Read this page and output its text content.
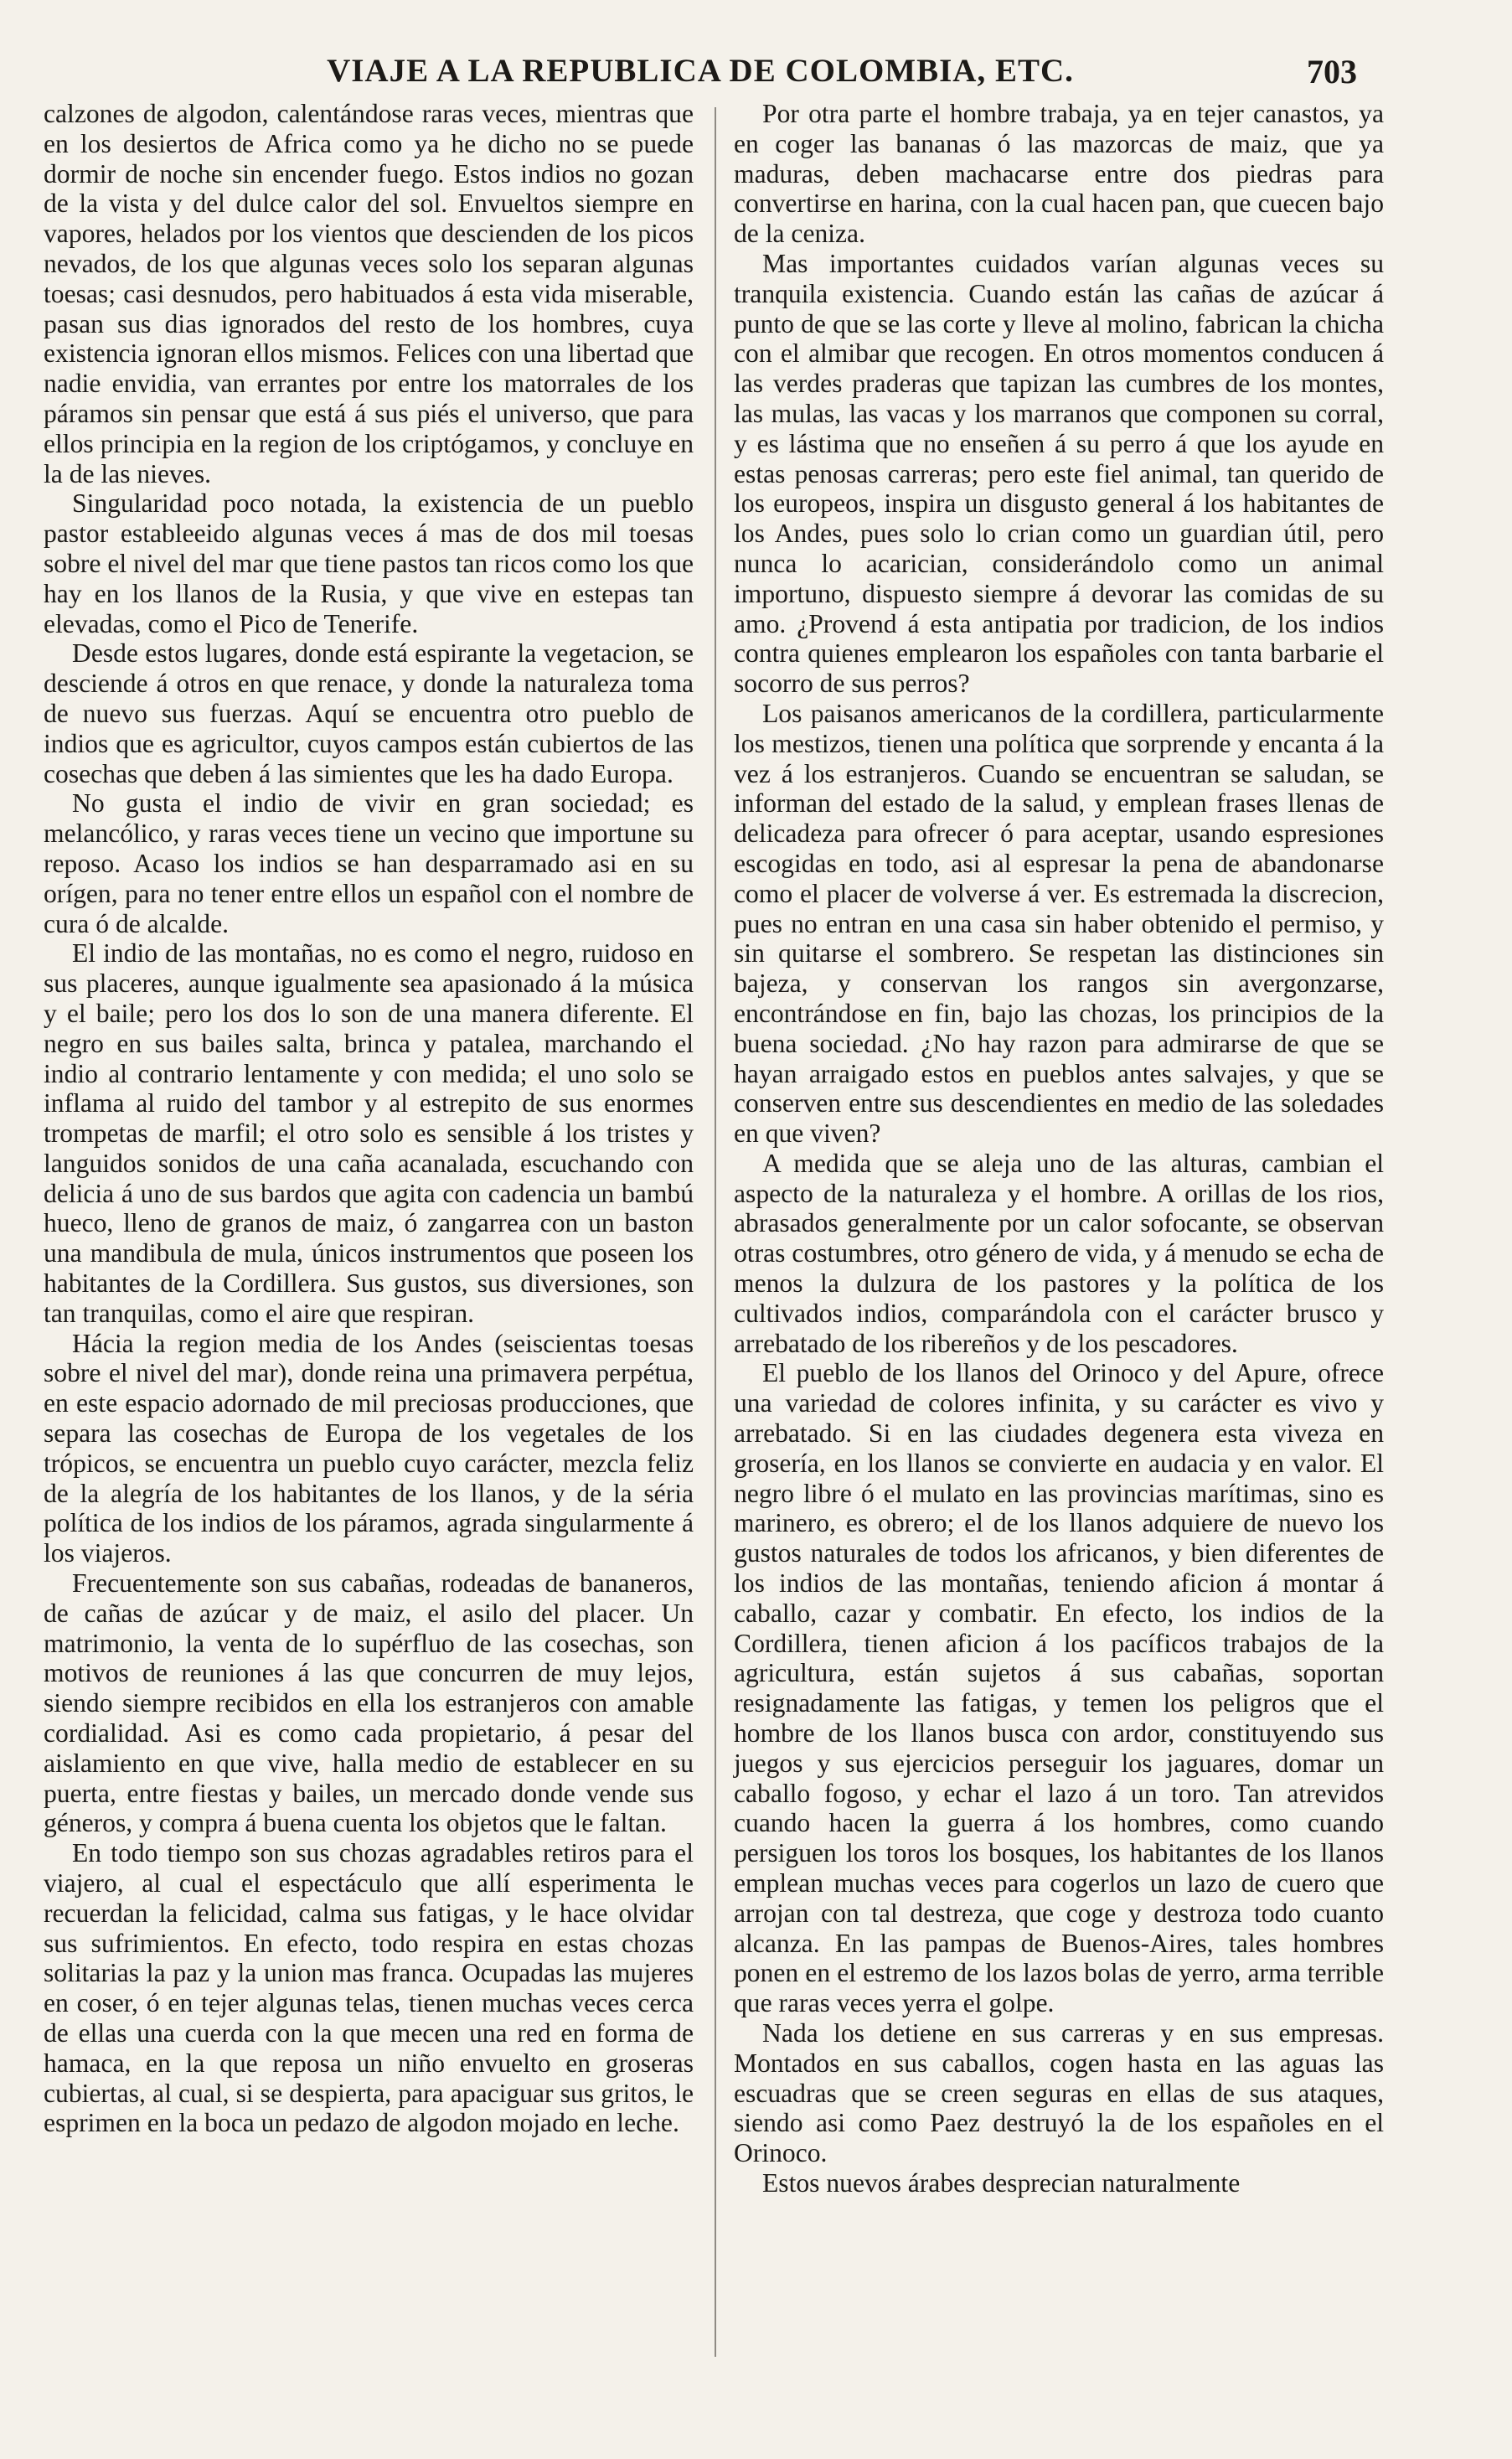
VIAJE A LA REPUBLICA DE COLOMBIA, ETC.	703

calzones de algodon, calentándose raras veces, mientras que en los desiertos de Africa como ya he dicho no se puede dormir de noche sin encender fuego. Estos indios no gozan de la vista y del dulce calor del sol. Envueltos siempre en vapores, helados por los vientos que descienden de los picos nevados, de los que algunas veces solo los separan algunas toesas; casi desnudos, pero habituados á esta vida miserable, pasan sus dias ignorados del resto de los hombres, cuya existencia ignoran ellos mismos. Felices con una libertad que nadie envidia, van errantes por entre los matorrales de los páramos sin pensar que está á sus piés el universo, que para ellos principia en la region de los criptógamos, y concluye en la de las nieves.

Singularidad poco notada, la existencia de un pueblo pastor estableeido algunas veces á mas de dos mil toesas sobre el nivel del mar que tiene pastos tan ricos como los que hay en los llanos de la Rusia, y que vive en estepas tan elevadas, como el Pico de Tenerife.

Desde estos lugares, donde está espirante la vegetacion, se desciende á otros en que renace, y donde la naturaleza toma de nuevo sus fuerzas. Aquí se encuentra otro pueblo de indios que es agricultor, cuyos campos están cubiertos de las cosechas que deben á las simientes que les ha dado Europa.

No gusta el indio de vivir en gran sociedad; es melancólico, y raras veces tiene un vecino que importune su reposo. Acaso los indios se han desparramado asi en su orígen, para no tener entre ellos un español con el nombre de cura ó de alcalde.

El indio de las montañas, no es como el negro, ruidoso en sus placeres, aunque igualmente sea apasionado á la música y el baile; pero los dos lo son de una manera diferente. El negro en sus bailes salta, brinca y patalea, marchando el indio al contrario lentamente y con medida; el uno solo se inflama al ruido del tambor y al estrepito de sus enormes trompetas de marfil; el otro solo es sensible á los tristes y languidos sonidos de una caña acanalada, escuchando con delicia á uno de sus bardos que agita con cadencia un bambú hueco, lleno de granos de maiz, ó zangarrea con un baston una mandibula de mula, únicos instrumentos que poseen los habitantes de la Cordillera. Sus gustos, sus diversiones, son tan tranquilas, como el aire que respiran.

Hácia la region media de los Andes (seiscientas toesas sobre el nivel del mar), donde reina una primavera perpétua, en este espacio adornado de mil preciosas producciones, que separa las cosechas de Europa de los vegetales de los trópicos, se encuentra un pueblo cuyo carácter, mezcla feliz de la alegría de los habitantes de los llanos, y de la séria política de los indios de los páramos, agrada singularmente á los viajeros.

Frecuentemente son sus cabañas, rodeadas de bananeros, de cañas de azúcar y de maiz, el asilo del placer. Un matrimonio, la venta de lo supérfluo de las cosechas, son motivos de reuniones á las que concurren de muy lejos, siendo siempre recibidos en ella los estranjeros con amable cordialidad. Asi es como cada propietario, á pesar del aislamiento en que vive, halla medio de establecer en su puerta, entre fiestas y bailes, un mercado donde vende sus géneros, y compra á buena cuenta los objetos que le faltan.

En todo tiempo son sus chozas agradables retiros para el viajero, al cual el espectáculo que allí esperimenta le recuerdan la felicidad, calma sus fatigas, y le hace olvidar sus sufrimientos. En efecto, todo respira en estas chozas solitarias la paz y la union mas franca. Ocupadas las mujeres en coser, ó en tejer algunas telas, tienen muchas veces cerca de ellas una cuerda con la que mecen una red en forma de hamaca, en la que reposa un niño envuelto en groseras cubiertas, al cual, si se despierta, para apaciguar sus gritos, le esprimen en la boca un pedazo de algodon mojado en leche.

Por otra parte el hombre trabaja, ya en tejer canastos, ya en coger las bananas ó las mazorcas de maiz, que ya maduras, deben machacarse entre dos piedras para convertirse en harina, con la cual hacen pan, que cuecen bajo de la ceniza.

Mas importantes cuidados varían algunas veces su tranquila existencia. Cuando están las cañas de azúcar á punto de que se las corte y lleve al molino, fabrican la chicha con el almibar que recogen. En otros momentos conducen á las verdes praderas que tapizan las cumbres de los montes, las mulas, las vacas y los marranos que componen su corral, y es lástima que no enseñen á su perro á que los ayude en estas penosas carreras; pero este fiel animal, tan querido de los europeos, inspira un disgusto general á los habitantes de los Andes, pues solo lo crian como un guardian útil, pero nunca lo acarician, considerándolo como un animal importuno, dispuesto siempre á devorar las comidas de su amo. ¿Provend á esta antipatia por tradicion, de los indios contra quienes emplearon los españoles con tanta barbarie el socorro de sus perros?

Los paisanos americanos de la cordillera, particularmente los mestizos, tienen una política que sorprende y encanta á la vez á los estranjeros. Cuando se encuentran se saludan, se informan del estado de la salud, y emplean frases llenas de delicadeza para ofrecer ó para aceptar, usando espresiones escogidas en todo, asi al espresar la pena de abandonarse como el placer de volverse á ver. Es estremada la discrecion, pues no entran en una casa sin haber obtenido el permiso, y sin quitarse el sombrero. Se respetan las distinciones sin bajeza, y conservan los rangos sin avergonzarse, encontrándose en fin, bajo las chozas, los principios de la buena sociedad. ¿No hay razon para admirarse de que se hayan arraigado estos en pueblos antes salvajes, y que se conserven entre sus descendientes en medio de las soledades en que viven?

A medida que se aleja uno de las alturas, cambian el aspecto de la naturaleza y el hombre. A orillas de los rios, abrasados generalmente por un calor sofocante, se observan otras costumbres, otro género de vida, y á menudo se echa de menos la dulzura de los pastores y la política de los cultivados indios, comparándola con el carácter brusco y arrebatado de los ribereños y de los pescadores.

El pueblo de los llanos del Orinoco y del Apure, ofrece una variedad de colores infinita, y su carácter es vivo y arrebatado. Si en las ciudades degenera esta viveza en grosería, en los llanos se convierte en audacia y en valor. El negro libre ó el mulato en las provincias marítimas, sino es marinero, es obrero; el de los llanos adquiere de nuevo los gustos naturales de todos los africanos, y bien diferentes de los indios de las montañas, teniendo aficion á montar á caballo, cazar y combatir. En efecto, los indios de la Cordillera, tienen aficion á los pacíficos trabajos de la agricultura, están sujetos á sus cabañas, soportan resignadamente las fatigas, y temen los peligros que el hombre de los llanos busca con ardor, constituyendo sus juegos y sus ejercicios perseguir los jaguares, domar un caballo fogoso, y echar el lazo á un toro. Tan atrevidos cuando hacen la guerra á los hombres, como cuando persiguen los toros los bosques, los habitantes de los llanos emplean muchas veces para cogerlos un lazo de cuero que arrojan con tal destreza, que coge y destroza todo cuanto alcanza. En las pampas de Buenos-Aires, tales hombres ponen en el estremo de los lazos bolas de yerro, arma terrible que raras veces yerra el golpe.

Nada los detiene en sus carreras y en sus empresas. Montados en sus caballos, cogen hasta en las aguas las escuadras que se creen seguras en ellas de sus ataques, siendo asi como Paez destruyó la de los españoles en el Orinoco.

Estos nuevos árabes desprecian naturalmente
